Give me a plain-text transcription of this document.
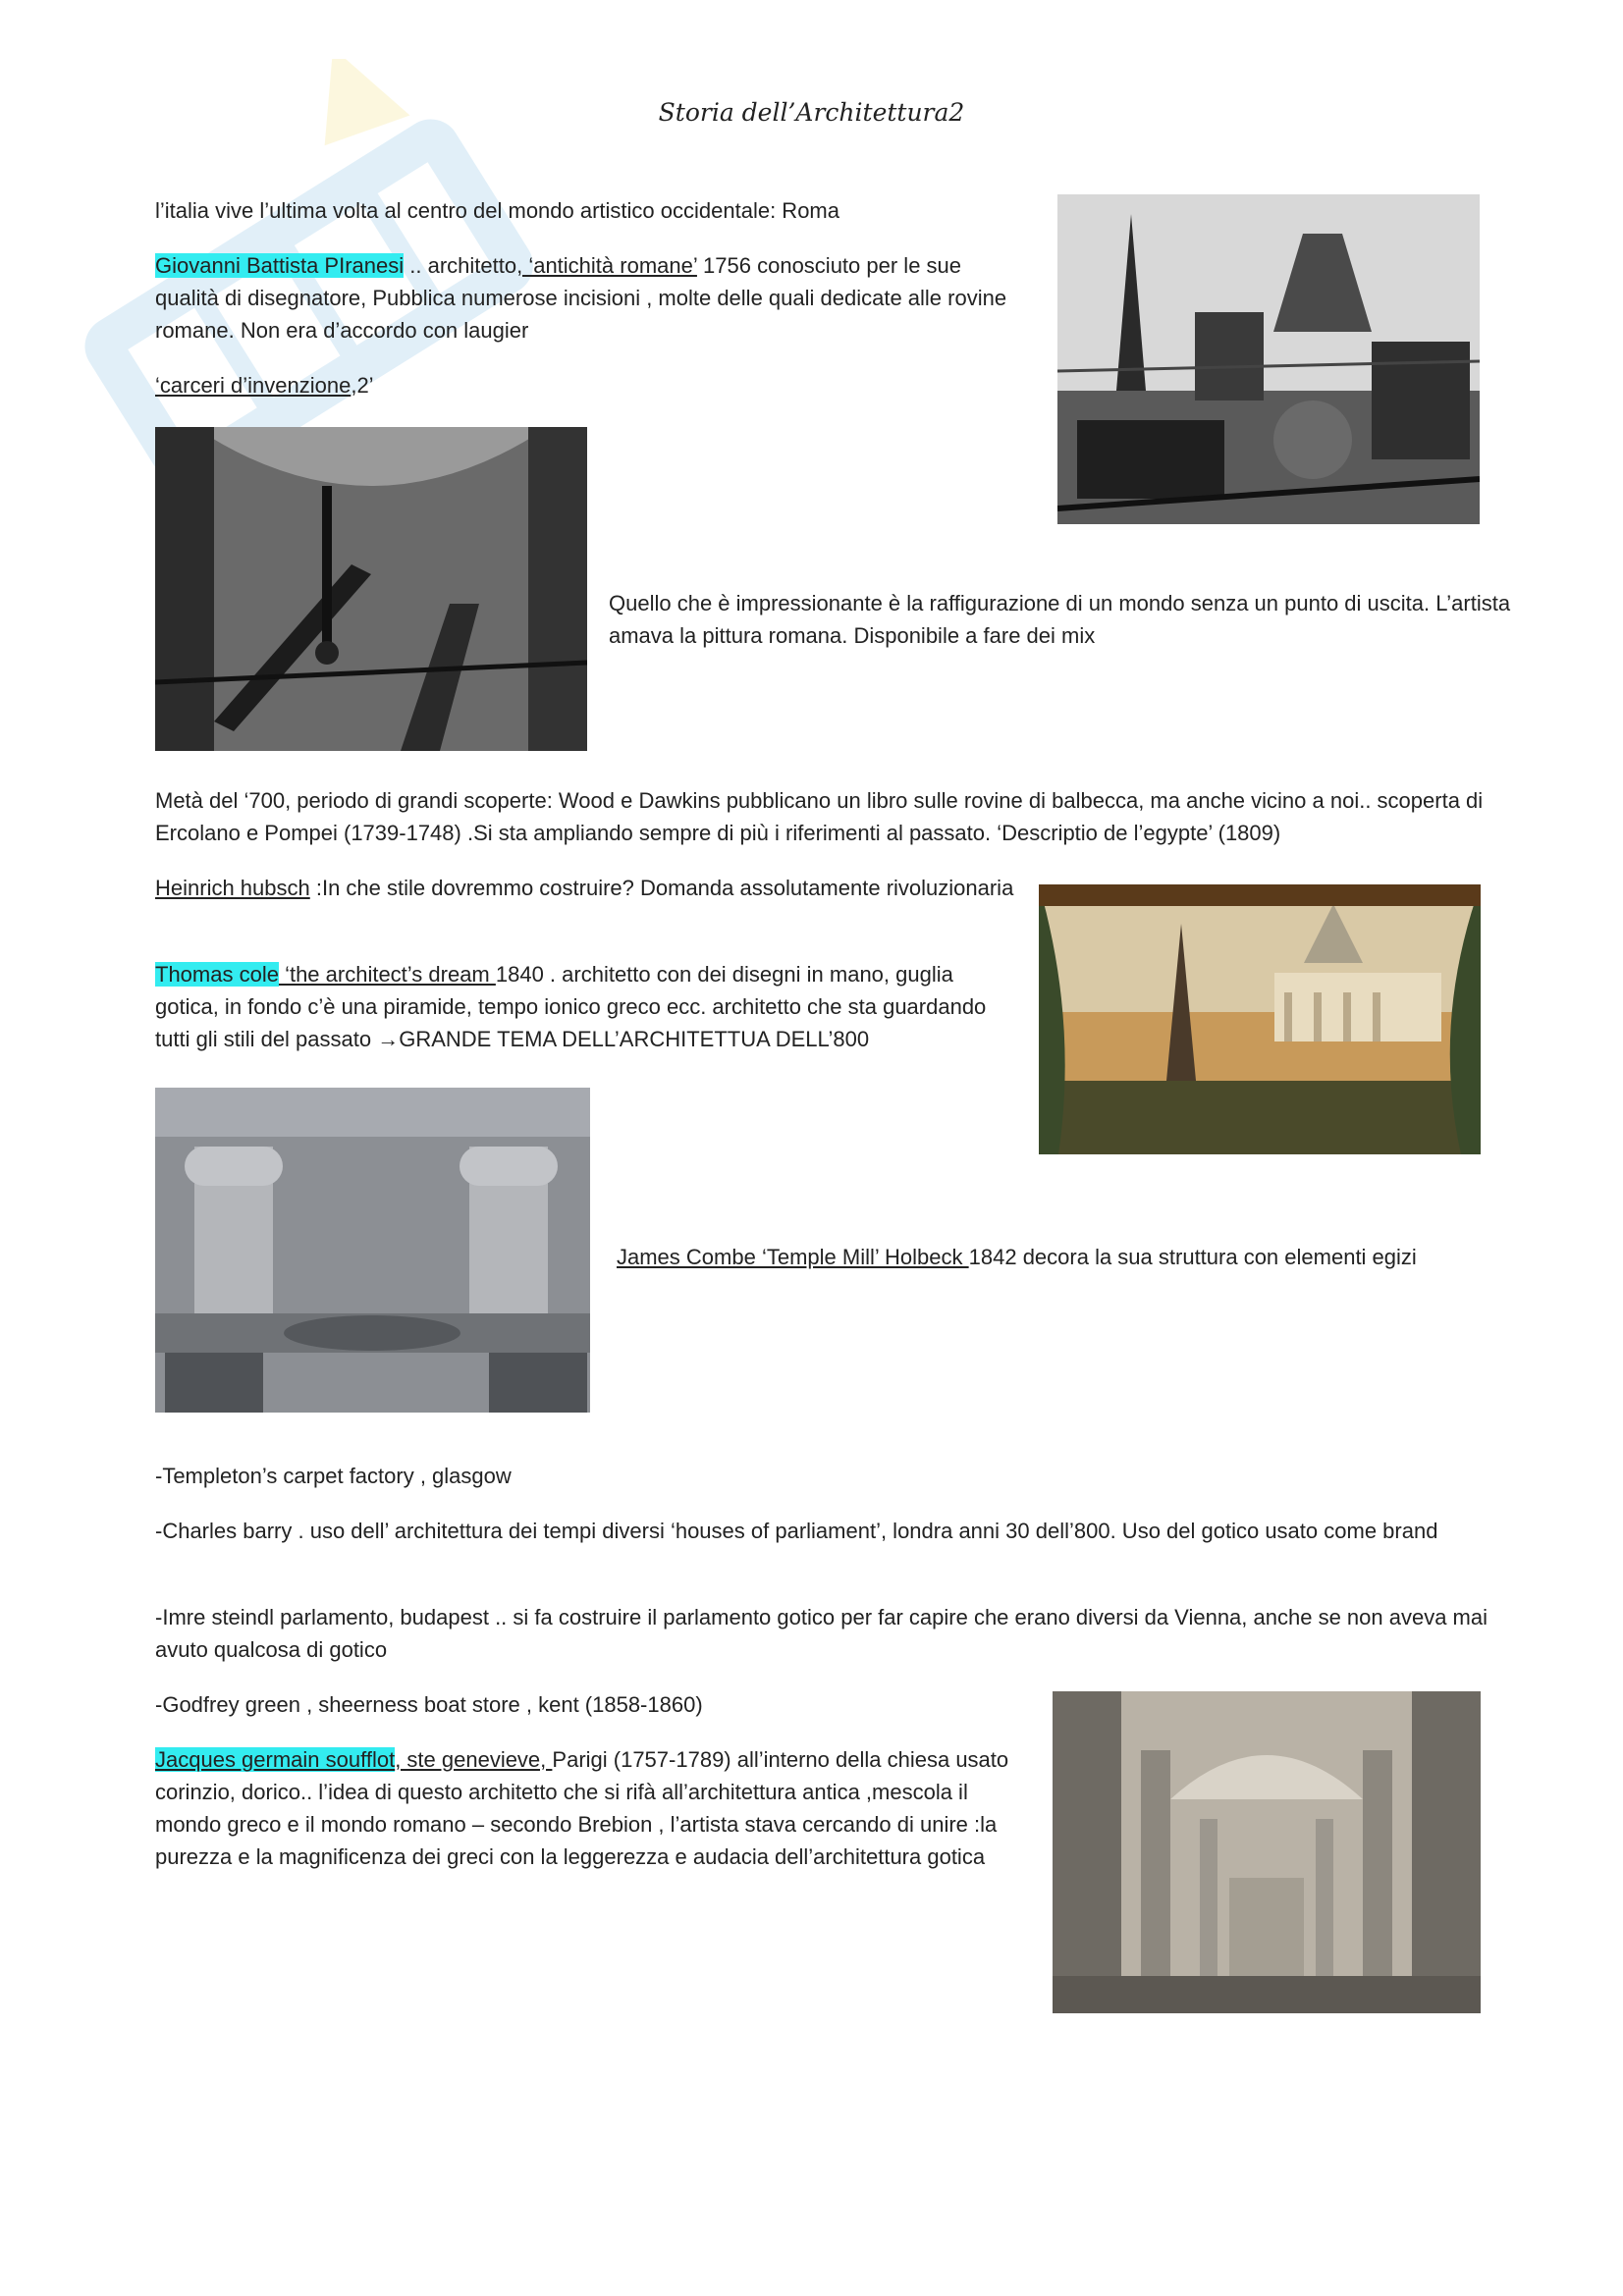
Storia dell’Architettura2

l’italia vive l’ultima volta al centro del mondo artistico occidentale: Roma

Giovanni Battista PIranesi .. architetto, ‘antichità romane’ 1756 conosciuto per le sue qualità di disegnatore, Pubblica numerose incisioni , molte delle quali dedicate alle rovine romane. Non era d’accordo con laugier

‘carceri d’invenzione,2’

Quello che è impressionante è la raffigurazione di un mondo senza un punto di uscita. L’artista amava la pittura romana. Disponibile a fare dei mix

Metà del ‘700, periodo di grandi scoperte: Wood e Dawkins pubblicano un libro sulle rovine di balbecca, ma anche vicino a noi.. scoperta di Ercolano e Pompei (1739-1748) .Si sta ampliando sempre di più i riferimenti al passato. ‘Descriptio de l’egypte’ (1809)

Heinrich hubsch :In che stile dovremmo costruire? Domanda assolutamente rivoluzionaria

Thomas cole ‘the architect’s dream 1840 . architetto con dei disegni in mano, guglia gotica, in fondo c’è una piramide, tempo ionico greco ecc. architetto che sta guardando tutti gli stili del passato →GRANDE TEMA DELL’ARCHITETTUA DELL’800

James Combe ‘Temple Mill’ Holbeck 1842 decora la sua struttura con elementi egizi

-Templeton’s carpet factory , glasgow

-Charles barry . uso dell’ architettura dei tempi diversi ‘houses of parliament’, londra anni 30 dell’800. Uso del gotico usato come brand

-Imre steindl parlamento, budapest .. si fa costruire il parlamento gotico per far capire che erano diversi da Vienna, anche se non aveva mai avuto qualcosa di gotico

-Godfrey green , sheerness boat store , kent (1858-1860)

Jacques germain soufflot, ste genevieve, Parigi (1757-1789) all’interno della chiesa usato corinzio, dorico.. l’idea di questo architetto che si rifà all’architettura antica ,mescola il mondo greco e il mondo romano – secondo Brebion , l’artista stava cercando di unire :la purezza e la magnificenza dei greci con la leggerezza e audacia dell’architettura gotica
